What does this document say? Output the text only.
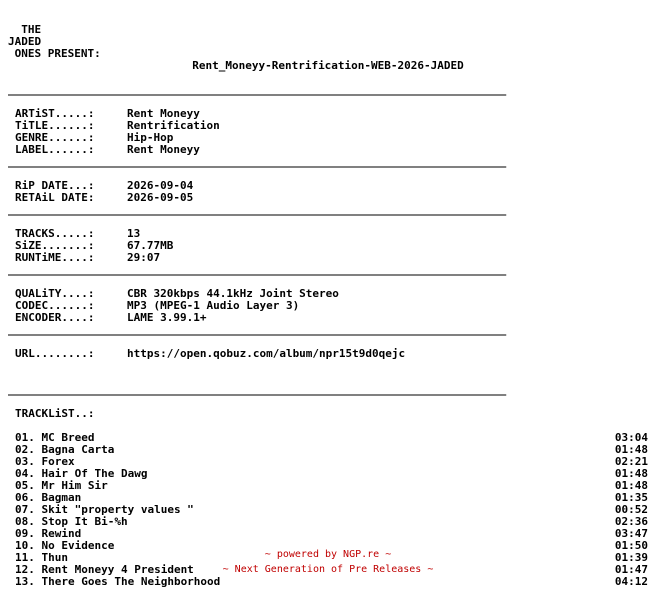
THE
JADED
ONES PRESENT:
Rent_Moneyy-Rentrification-WEB-2026-JADED
________________________________________________________________________________
ARTiST.....:	Rent Moneyy
TiTLE......:	Rentrification
GENRE......:	Hip-Hop
LABEL......:	Rent Moneyy
________________________________________________________________________________
RiP DATE...:	2026-09-04
RETAiL DATE:	2026-09-05
________________________________________________________________________________
TRACKS.....:	13
SiZE.......:	67.77MB
RUNTiME....:	29:07
________________________________________________________________________________
QUALiTY....:	CBR 320kbps 44.1kHz Joint Stereo
CODEC......:	MP3 (MPEG-1 Audio Layer 3)
ENCODER....:	LAME 3.99.1+
________________________________________________________________________________
URL........:	https://open.qobuz.com/album/npr15t9d0qejc
________________________________________________________________________________
TRACKLiST..:
01. MC Breed	03:04
02. Bagna Carta	01:48
03. Forex	02:21
04. Hair Of The Dawg	01:48
05. Mr Him Sir	01:48
06. Bagman	01:35
07. Skit "property values "	00:52
08. Stop It Bi-%h	02:36
09. Rewind	03:47
10. No Evidence	01:50
11. Thun	01:39
12. Rent Moneyy 4 President	01:47
13. There Goes The Neighborhood	04:12
~ powered by NGP.re ~
~ Next Generation of Pre Releases ~
